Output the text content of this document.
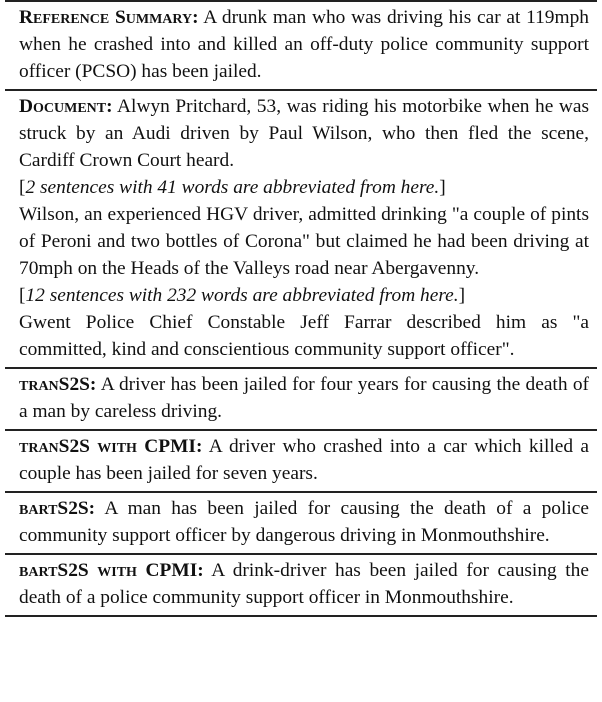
Reference Summary: A drunk man who was driving his car at 119mph when he crashed into and killed an off-duty police community support officer (PCSO) has been jailed.

Document: Alwyn Pritchard, 53, was riding his motorbike when he was struck by an Audi driven by Paul Wilson, who then fled the scene, Cardiff Crown Court heard.

[2 sentences with 41 words are abbreviated from here.]

Wilson, an experienced HGV driver, admitted drinking "a couple of pints of Peroni and two bottles of Corona" but claimed he had been driving at 70mph on the Heads of the Valleys road near Abergavenny.

[12 sentences with 232 words are abbreviated from here.]

Gwent Police Chief Constable Jeff Farrar described him as "a committed, kind and conscientious community support officer".

tranS2S: A driver has been jailed for four years for causing the death of a man by careless driving.
tranS2S with CPMI: A driver who crashed into a car which killed a couple has been jailed for seven years.
bartS2S: A man has been jailed for causing the death of a police community support officer by dangerous driving in Monmouthshire.
bartS2S with CPMI: A drink-driver has been jailed for causing the death of a police community support officer in Monmouthshire.
